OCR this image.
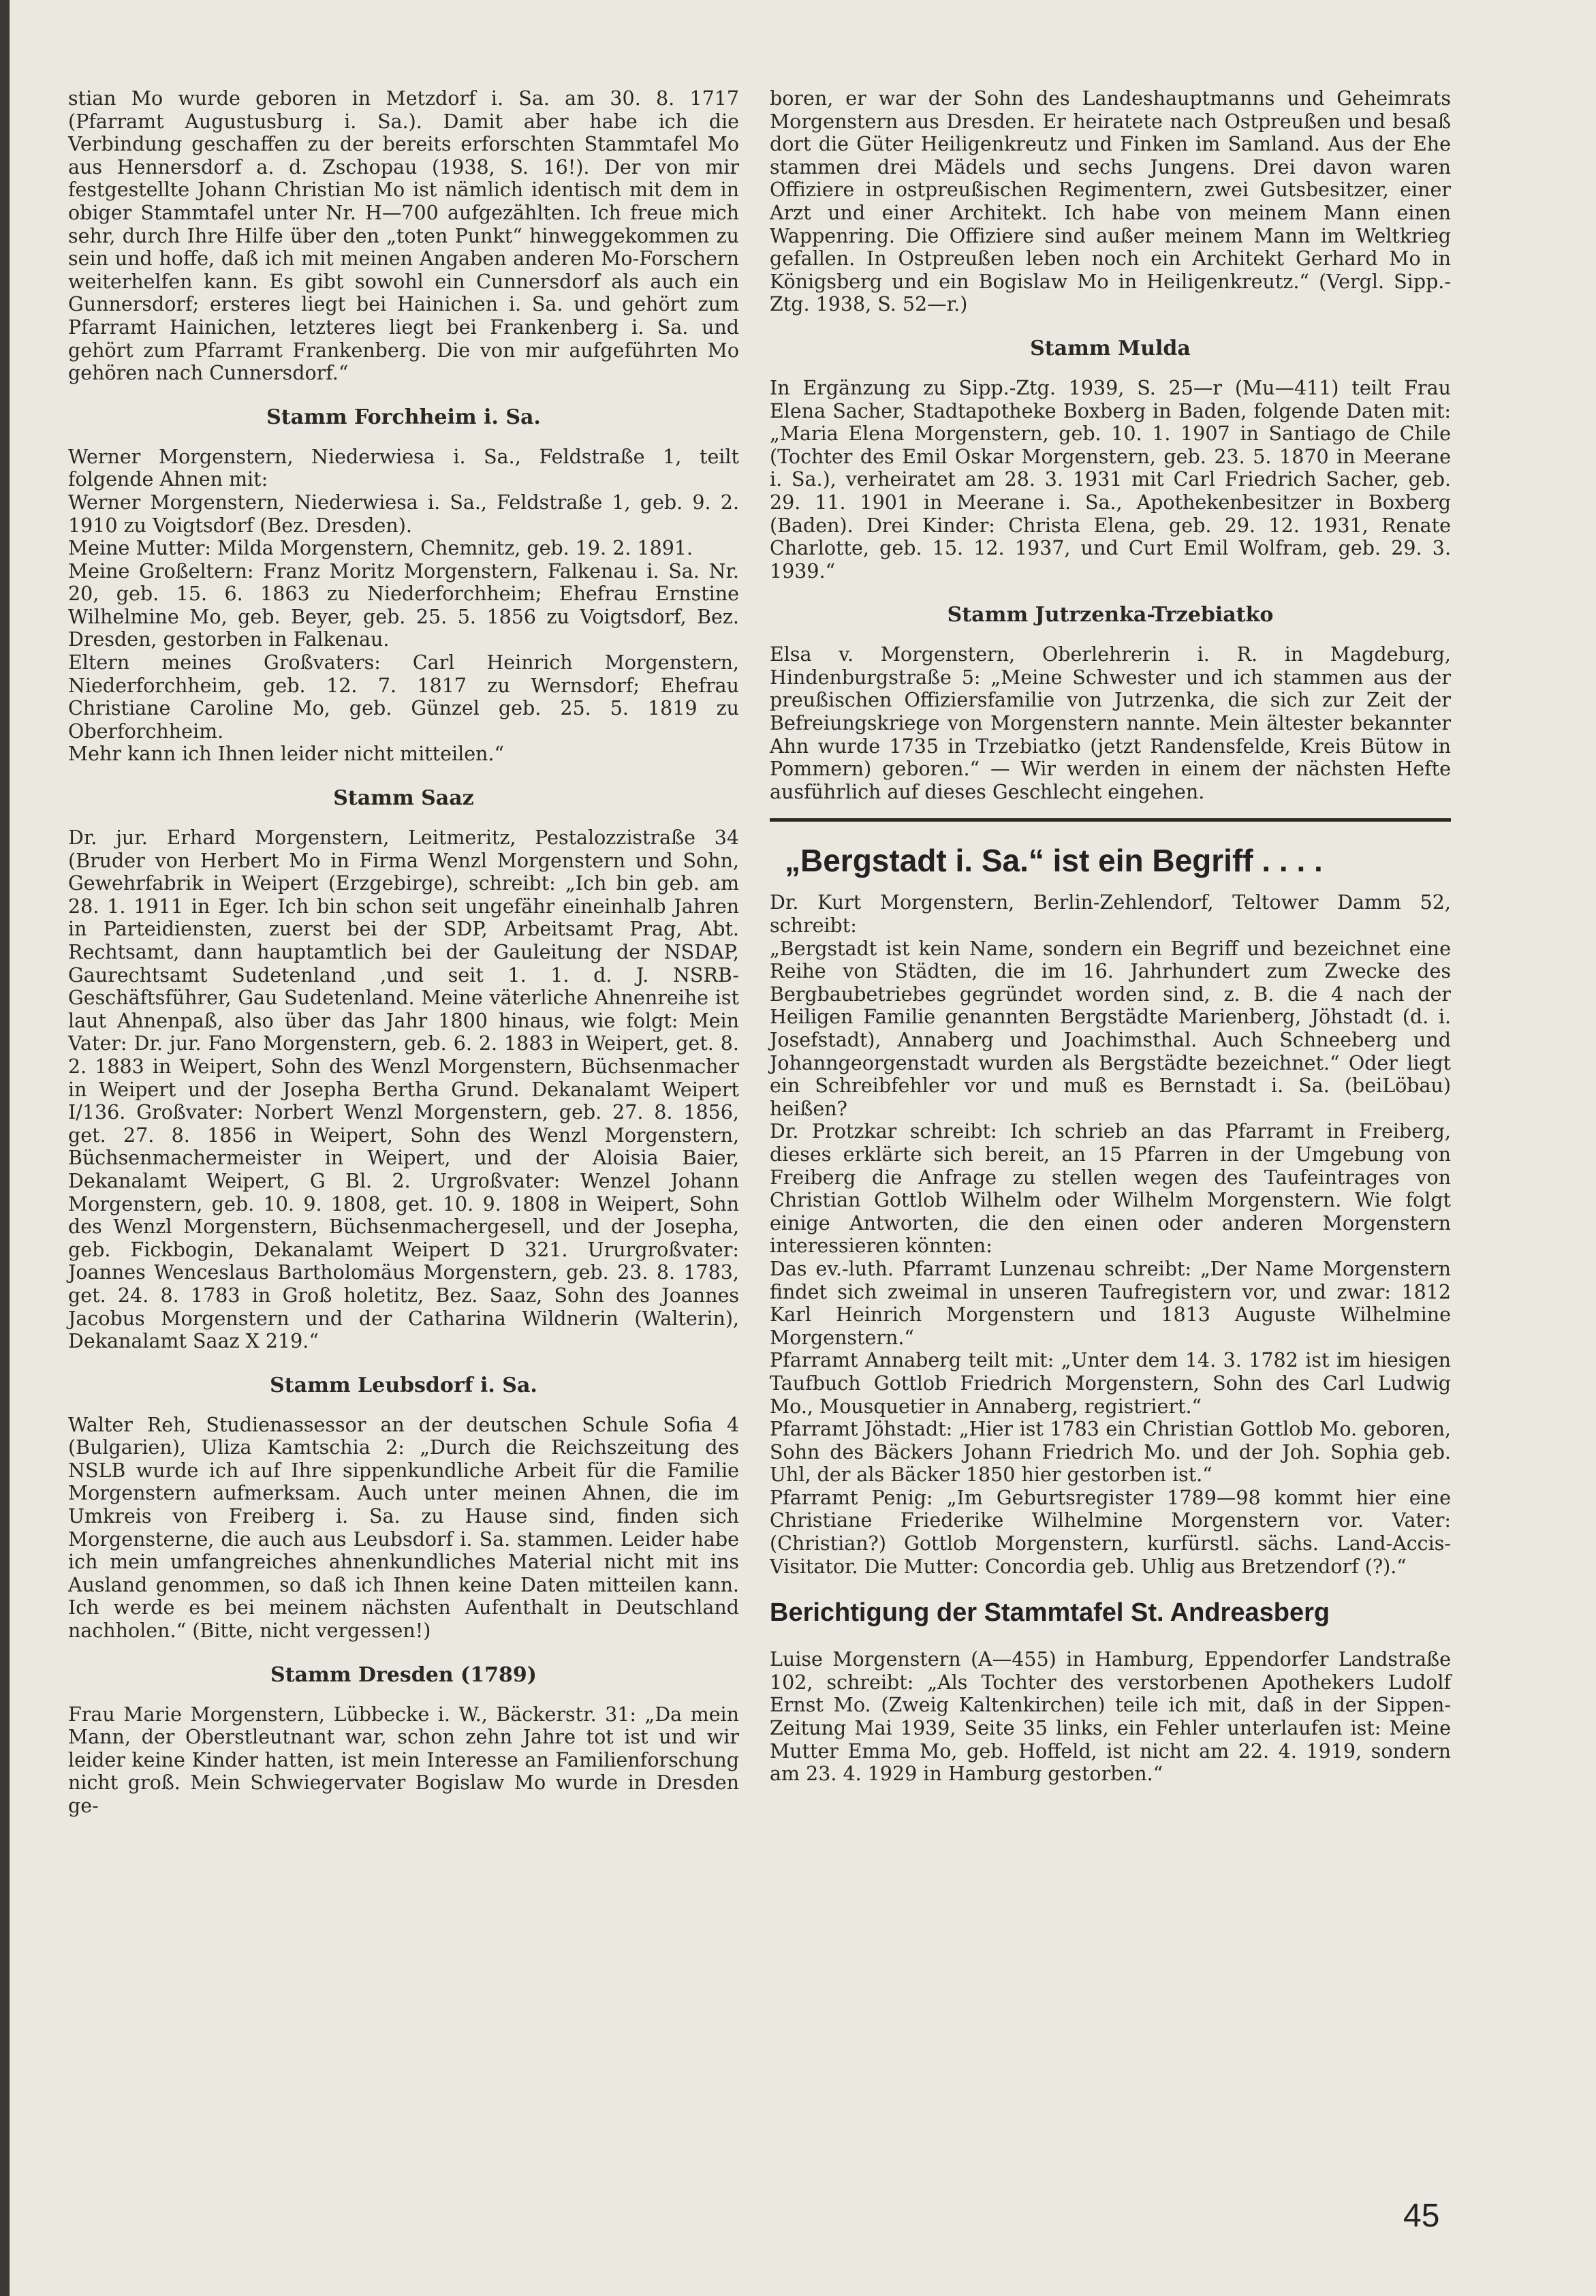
stian Mo wurde geboren in Metzdorf i. Sa. am 30. 8. 1717 (Pfarramt Augustusburg i. Sa.). Damit aber habe ich die Verbindung geschaffen zu der bereits erforschten Stammtafel Mo aus Hennersdorf a. d. Zschopau (1938, S. 16!). Der von mir festgestellte Johann Christian Mo ist nämlich identisch mit dem in obiger Stammtafel unter Nr. H—700 aufgezählten. Ich freue mich sehr, durch Ihre Hilfe über den „toten Punkt“ hinweggekommen zu sein und hoffe, daß ich mit meinen Angaben anderen Mo-Forschern weiterhelfen kann. Es gibt sowohl ein Cunnersdorf als auch ein Gunnersdorf; ersteres liegt bei Hainichen i. Sa. und gehört zum Pfarramt Hainichen, letzteres liegt bei Frankenberg i. Sa. und gehört zum Pfarramt Frankenberg. Die von mir aufgeführten Mo gehören nach Cunnersdorf.“

Stamm Forchheim i. Sa.

Werner Morgenstern, Niederwiesa i. Sa., Feldstraße 1, teilt folgende Ahnen mit:

Werner Morgenstern, Niederwiesa i. Sa., Feldstraße 1, geb. 9. 2. 1910 zu Voigtsdorf (Bez. Dresden).

Meine Mutter: Milda Morgenstern, Chemnitz, geb. 19. 2. 1891.

Meine Großeltern: Franz Moritz Morgenstern, Falkenau i. Sa. Nr. 20, geb. 15. 6. 1863 zu Niederforchheim; Ehefrau Ernstine Wilhelmine Mo, geb. Beyer, geb. 25. 5. 1856 zu Voigtsdorf, Bez. Dresden, gestorben in Falkenau.

Eltern meines Großvaters: Carl Heinrich Morgenstern, Niederforchheim, geb. 12. 7. 1817 zu Wernsdorf; Ehefrau Christiane Caroline Mo, geb. Günzel geb. 25. 5. 1819 zu Oberforchheim.

Mehr kann ich Ihnen leider nicht mitteilen.“

Stamm Saaz

Dr. jur. Erhard Morgenstern, Leitmeritz, Pestalozzistraße 34 (Bruder von Herbert Mo in Firma Wenzl Morgenstern und Sohn, Gewehrfabrik in Weipert (Erzgebirge), schreibt: „Ich bin geb. am 28. 1. 1911 in Eger. Ich bin schon seit ungefähr eineinhalb Jahren in Parteidiensten, zuerst bei der SDP, Arbeitsamt Prag, Abt. Rechtsamt, dann hauptamtlich bei der Gauleitung der NSDAP, Gaurechtsamt Sudetenland ,und seit 1. 1. d. J. NSRB-Geschäftsführer, Gau Sudetenland. Meine väterliche Ahnenreihe ist laut Ahnenpaß, also über das Jahr 1800 hinaus, wie folgt: Mein Vater: Dr. jur. Fano Morgenstern, geb. 6. 2. 1883 in Weipert, get. 8. 2. 1883 in Weipert, Sohn des Wenzl Morgenstern, Büchsenmacher in Weipert und der Josepha Bertha Grund. Dekanalamt Weipert I/136. Großvater: Norbert Wenzl Morgenstern, geb. 27. 8. 1856, get. 27. 8. 1856 in Weipert, Sohn des Wenzl Morgenstern, Büchsenmachermeister in Weipert, und der Aloisia Baier, Dekanalamt Weipert, G Bl. 2. Urgroßvater: Wenzel Johann Morgenstern, geb. 10. 9. 1808, get. 10. 9. 1808 in Weipert, Sohn des Wenzl Morgenstern, Büchsenmachergesell, und der Josepha, geb. Fickbogin, Dekanalamt Weipert D 321. Ururgroßvater: Joannes Wenceslaus Bartholomäus Morgenstern, geb. 23. 8. 1783, get. 24. 8. 1783 in Groß holetitz, Bez. Saaz, Sohn des Joannes Jacobus Morgenstern und der Catharina Wildnerin (Walterin), Dekanalamt Saaz X 219.“

Stamm Leubsdorf i. Sa.

Walter Reh, Studienassessor an der deutschen Schule Sofia 4 (Bulgarien), Uliza Kamtschia 2: „Durch die Reichszeitung des NSLB wurde ich auf Ihre sippenkundliche Arbeit für die Familie Morgenstern aufmerksam. Auch unter meinen Ahnen, die im Umkreis von Freiberg i. Sa. zu Hause sind, finden sich Morgensterne, die auch aus Leubsdorf i. Sa. stammen. Leider habe ich mein umfangreiches ahnenkundliches Material nicht mit ins Ausland genommen, so daß ich Ihnen keine Daten mitteilen kann. Ich werde es bei meinem nächsten Aufenthalt in Deutschland nachholen.“ (Bitte, nicht vergessen!)

Stamm Dresden (1789)

Frau Marie Morgenstern, Lübbecke i. W., Bäckerstr. 31: „Da mein Mann, der Oberstleutnant war, schon zehn Jahre tot ist und wir leider keine Kinder hatten, ist mein Interesse an Familienforschung nicht groß. Mein Schwiegervater Bogislaw Mo wurde in Dresden ge-

boren, er war der Sohn des Landeshauptmanns und Geheimrats Morgenstern aus Dresden. Er heiratete nach Ostpreußen und besaß dort die Güter Heiligenkreutz und Finken im Samland. Aus der Ehe stammen drei Mädels und sechs Jungens. Drei davon waren Offiziere in ostpreußischen Regimentern, zwei Gutsbesitzer, einer Arzt und einer Architekt. Ich habe von meinem Mann einen Wappenring. Die Offiziere sind außer meinem Mann im Weltkrieg gefallen. In Ostpreußen leben noch ein Architekt Gerhard Mo in Königsberg und ein Bogislaw Mo in Heiligenkreutz.“ (Vergl. Sipp.-Ztg. 1938, S. 52—r.)

Stamm Mulda

In Ergänzung zu Sipp.-Ztg. 1939, S. 25—r (Mu—411) teilt Frau Elena Sacher, Stadtapotheke Boxberg in Baden, folgende Daten mit: „Maria Elena Morgenstern, geb. 10. 1. 1907 in Santiago de Chile (Tochter des Emil Oskar Morgenstern, geb. 23. 5. 1870 in Meerane i. Sa.), verheiratet am 28. 3. 1931 mit Carl Friedrich Sacher, geb. 29. 11. 1901 in Meerane i. Sa., Apothekenbesitzer in Boxberg (Baden). Drei Kinder: Christa Elena, geb. 29. 12. 1931, Renate Charlotte, geb. 15. 12. 1937, und Curt Emil Wolfram, geb. 29. 3. 1939.“

Stamm Jutrzenka-Trzebiatko

Elsa v. Morgenstern, Oberlehrerin i. R. in Magdeburg, Hindenburgstraße 5: „Meine Schwester und ich stammen aus der preußischen Offiziersfamilie von Jutrzenka, die sich zur Zeit der Befreiungskriege von Morgenstern nannte. Mein ältester bekannter Ahn wurde 1735 in Trzebiatko (jetzt Randensfelde, Kreis Bütow in Pommern) geboren.“ — Wir werden in einem der nächsten Hefte ausführlich auf dieses Geschlecht eingehen.

„Bergstadt i. Sa.“ ist ein Begriff . . . .

Dr. Kurt Morgenstern, Berlin-Zehlendorf, Teltower Damm 52, schreibt:

„Bergstadt ist kein Name, sondern ein Begriff und bezeichnet eine Reihe von Städten, die im 16. Jahrhundert zum Zwecke des Bergbaubetriebes gegründet worden sind, z. B. die 4 nach der Heiligen Familie genannten Bergstädte Marienberg, Jöhstadt (d. i. Josefstadt), Annaberg und Joachimsthal. Auch Schneeberg und Johanngeorgenstadt wurden als Bergstädte bezeichnet.“ Oder liegt ein Schreibfehler vor und muß es Bernstadt i. Sa. (beiLöbau) heißen?

Dr. Protzkar schreibt: Ich schrieb an das Pfarramt in Freiberg, dieses erklärte sich bereit, an 15 Pfarren in der Umgebung von Freiberg die Anfrage zu stellen wegen des Taufeintrages von Christian Gottlob Wilhelm oder Wilhelm Morgenstern. Wie folgt einige Antworten, die den einen oder anderen Morgenstern interessieren könnten:

Das ev.-luth. Pfarramt Lunzenau schreibt: „Der Name Morgenstern findet sich zweimal in unseren Taufregistern vor, und zwar: 1812 Karl Heinrich Morgenstern und 1813 Auguste Wilhelmine Morgenstern.“

Pfarramt Annaberg teilt mit: „Unter dem 14. 3. 1782 ist im hiesigen Taufbuch Gottlob Friedrich Morgenstern, Sohn des Carl Ludwig Mo., Mousquetier in Annaberg, registriert.“

Pfarramt Jöhstadt: „Hier ist 1783 ein Christian Gottlob Mo. geboren, Sohn des Bäckers Johann Friedrich Mo. und der Joh. Sophia geb. Uhl, der als Bäcker 1850 hier gestorben ist.“

Pfarramt Penig: „Im Geburtsregister 1789—98 kommt hier eine Christiane Friederike Wilhelmine Morgenstern vor. Vater: (Christian?) Gottlob Morgenstern, kurfürstl. sächs. Land-Accis-Visitator. Die Mutter: Concordia geb. Uhlig aus Bretzendorf (?).“

Berichtigung der Stammtafel St. Andreasberg

Luise Morgenstern (A—455) in Hamburg, Eppendorfer Landstraße 102, schreibt: „Als Tochter des verstorbenen Apothekers Ludolf Ernst Mo. (Zweig Kaltenkirchen) teile ich mit, daß in der Sippen-Zeitung Mai 1939, Seite 35 links, ein Fehler unterlaufen ist: Meine Mutter Emma Mo, geb. Hoffeld, ist nicht am 22. 4. 1919, sondern am 23. 4. 1929 in Hamburg gestorben.“

45
